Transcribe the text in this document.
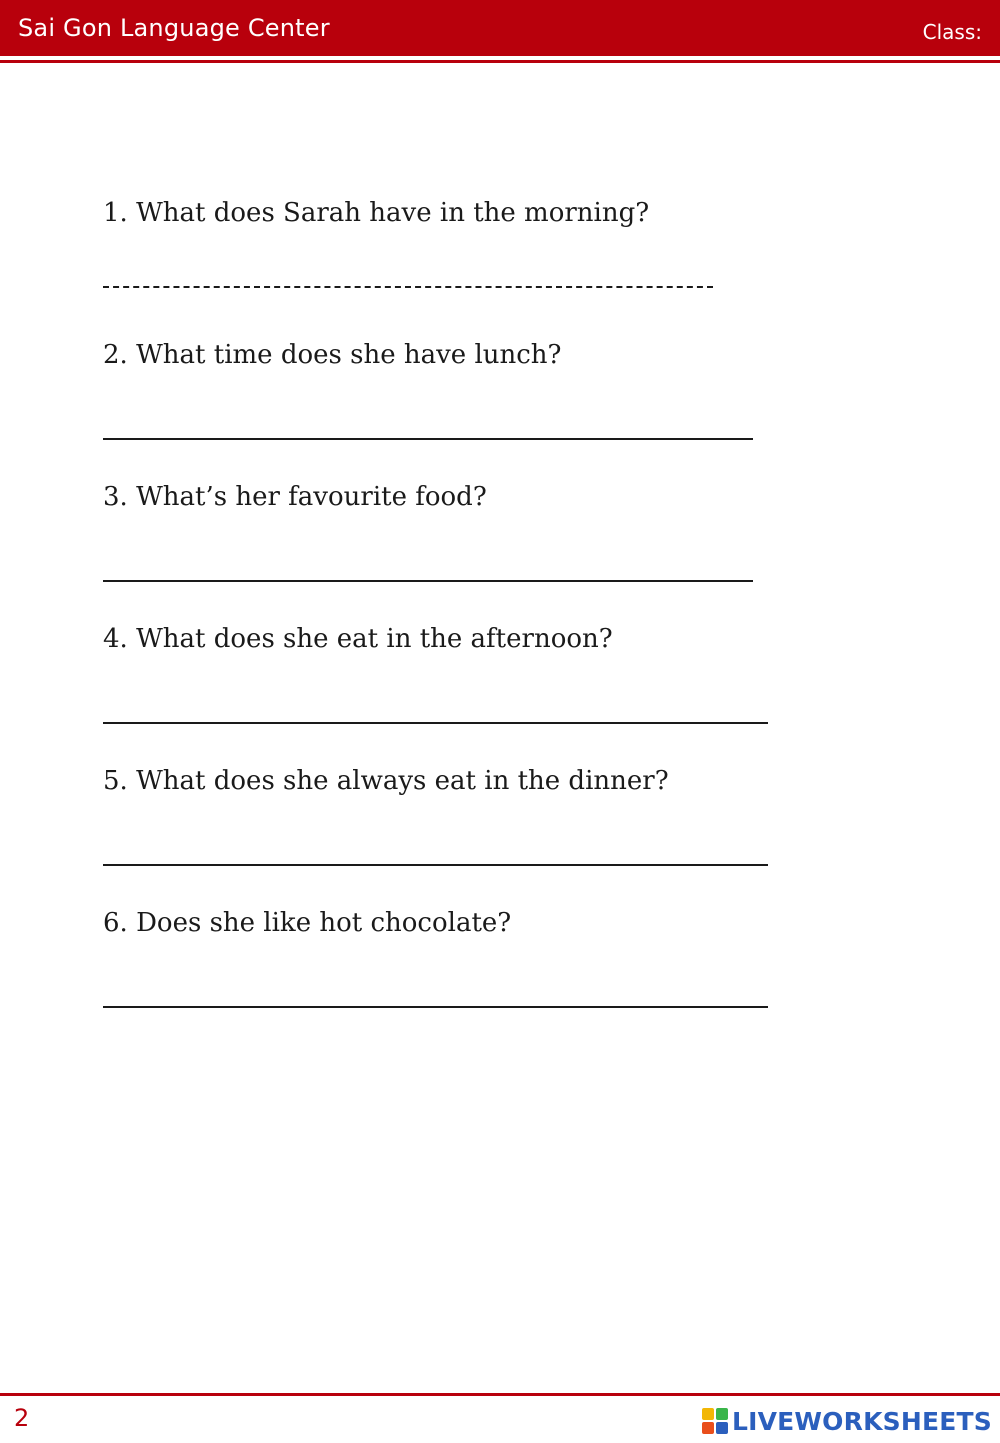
Sai Gon Language Center	Class:
1. What does Sarah have in the morning?
2. What time does she have lunch?
3. What’s her favourite food?
4. What does she eat in the afternoon?
5. What does she always eat in the dinner?
6. Does she like hot chocolate?
2	LIVEWORKSHEETS
